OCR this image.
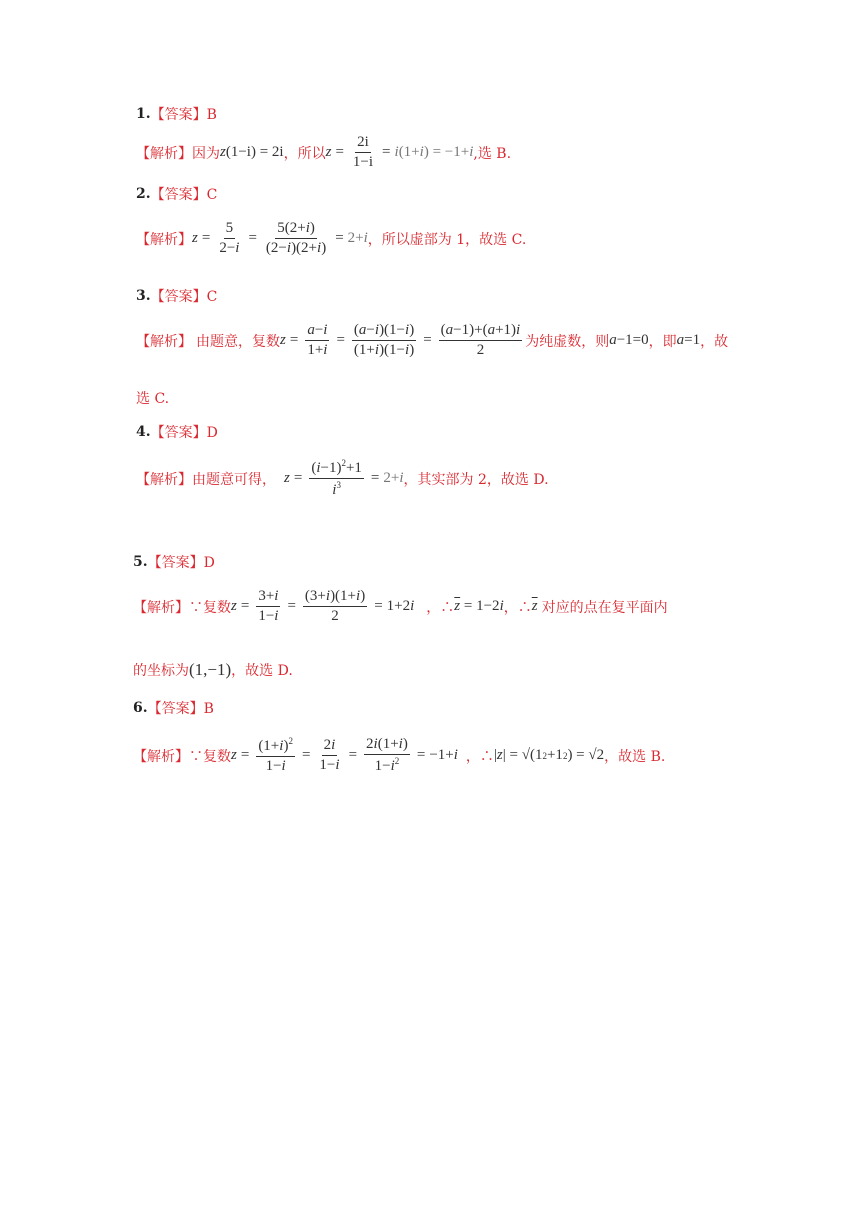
1. 【答案】B
【解析】 因为 z (1−i) = 2i ，所以 $z = \frac{2i}{1-i} = i(1+i) = -1+i$ ,选 B.
2. 【答案】C
【解析】 $z = \frac{5}{2-i} = \frac{5(2+i)}{(2-i)(2+i)} = 2+i$ ，所以虚部为 1，故选 C.
3. 【答案】C
【解析】 由题意，复数 $z = \frac{a-i}{1+i} = \frac{(a-i)(1-i)}{(1+i)(1-i)} = \frac{(a-1)+(a+1)i}{2}$ 为纯虚数，则 a −1=0 ，即 a =1 ，故
选 C.
4. 【答案】D
【解析】 由题意可得， $z = \frac{(i-1)^2+1}{i^3} = 2+i$ ，其实部为 2，故选 D.
5. 【答案】D
【解析】 ∵复数 $z = \frac{3+i}{1-i} = \frac{(3+i)(1+i)}{2} = 1+2$ i ，∴ $\overline{z} = 1-2$ i ，∴ $\overline{z}$ 对应的点在复平面内
的坐标为 (1,−1) ，故选 D.
6. 【答案】B
【解析】 ∵复数 $z = \frac{(1+i)^2}{1-i} = \frac{2i}{1-i} = \frac{2i(1+i)}{1-i^2} = -1+ i$ ，∴ | z | = √(1 2 +1 2 ) = √2 ，故选 B.
